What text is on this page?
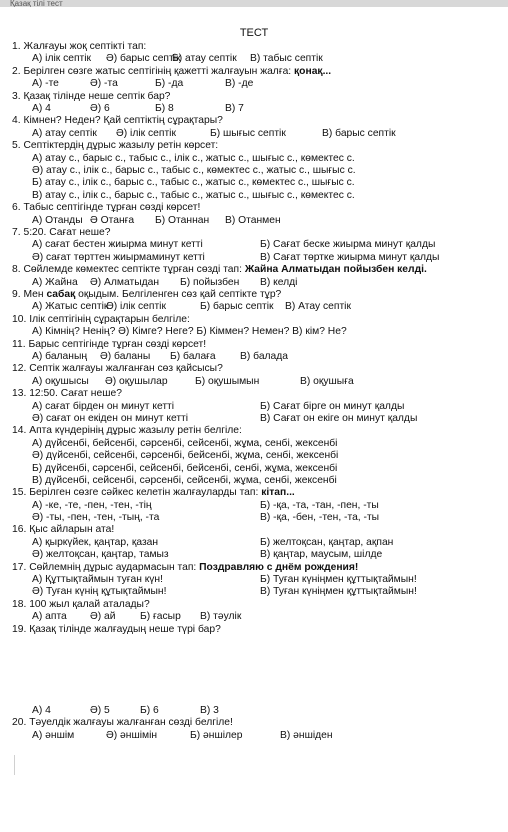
Қазақ тілі тест
ТЕСТ
1. Жалғауы жоқ септікті тап:
А) ілік септік Ә) барыс септік
Б) атау септік В) табыс септік
2. Берілген сөзге жатыс септігінің қажетті жалғауын жалға: қонақ...
А) -те	Ә) -та	Б) -да	В) -де
3. Қазақ тілінде неше септік бар?
А) 4	Ә) 6	Б) 8	В) 7
4. Кімнен? Неден? Қай септіктің сұрақтары?
А) атау септік Ә) ілік септік	Б) шығыс септік	В) барыс септік
5. Септіктердің дұрыс жазылу ретін көрсет:
А) атау с., барыс с., табыс с., ілік с., жатыс с., шығыс с., көмектес с.
Ә) атау с., ілік с., барыс с., табыс с., көмектес с., жатыс с., шығыс с.
Б) атау с., ілік с., барыс с., табыс с., жатыс с., көмектес с., шығыс с.
В) атау с., ілік с., барыс с., табыс с., жатыс с., шығыс с., көмектес с.
6. Табыс септігінде тұрған сөзді көрсет!
А) Отанды Ә Отанға Б) Отаннан В) Отанмен
7. 5:20. Сағат неше?
А) сағат бестен жиырма минут кетті	Б) Сағат беске жиырма минут қалды
Ә) сағат төрттен жиырмаминут кетті	В) Сағат төртке жиырма минут қалды
8. Сөйлемде көмектес септікте тұрған сөзді тап: Жайна Алматыдан пойызбен келді.
А) Жайна Ә) Алматыдан Б) пойызбен В) келді
9. Мен сабақ оқыдым. Белгіленген сөз қай септікте тұр?
А) Жатыс септік
Ә) ілік септік	Б) барыс септік В) Атау септік
10. Ілік септігінің сұрақтарын белгіле:
А) Кімнің? Ненің? Ә) Кімге? Неге? Б) Кіммен? Немен? В) кім? Не?
11. Барыс септігінде тұрған сөзді көрсет!
А) баланың Ә) баланы Б) балаға В) балада
12. Септік жалғауы жалғанған сөз қайсысы?
А) оқушысы Ә) оқушылар	Б) оқушымын	В) оқушыға
13. 12:50. Сағат неше?
А) сағат бірден он минут кетті	Б) Сағат бірге он минут қалды
Ә) сағат он екіден он минут кетті	В) Сағат он екіге он минут қалды
14. Апта күндерінің дұрыс жазылу ретін белгіле:
А) дүйсенбі, бейсенбі, сәрсенбі, сейсенбі, жұма, сенбі, жексенбі
Ә) дүйсенбі, сейсенбі, сәрсенбі, бейсенбі, жұма, сенбі, жексенбі
Б) дүйсенбі, сәрсенбі, сейсенбі, бейсенбі, сенбі, жұма, жексенбі
В) дүйсенбі, сейсенбі, сәрсенбі, сейсенбі, жұма, сенбі, жексенбі
15. Берілген сөзге сәйкес келетін жалғауларды тап: кітап...
А) -ке, -те, -пен, -тен, -тің	Б) -қа, -та, -тан, -пен, -ты
Ә) -ты, -пен, -тен, -тың, -та	В) -қа, -бен, -тен, -та, -ты
16. Қыс айларын ата!
А) қыркүйек, қаңтар, қазан	Б) желтоқсан, қаңтар, ақпан
Ә) желтоқсан, қаңтар, тамыз	В) қаңтар, маусым, шілде
17. Сөйлемнің дұрыс аудармасын тап: Поздравляю с днём рождения!
А) Құттықтаймын туған күн!	Б) Туған күніңмен құттықтаймын!
Ә) Туған күнің құтықтаймын!	В) Туған күніңмен құттықтаймын!
18. 100 жыл қалай аталады?
А) апта Ә) ай Б) ғасыр В) тәулік
19. Қазақ тілінде жалғаудың неше түрі бар?
А) 4	Ә) 5	Б) 6	В) 3
20. Тәуелдік жалғауы жалғанған сөзді белгіле!
А) әншім	Ә) әншімін	Б) әншілер	В) әншіден
